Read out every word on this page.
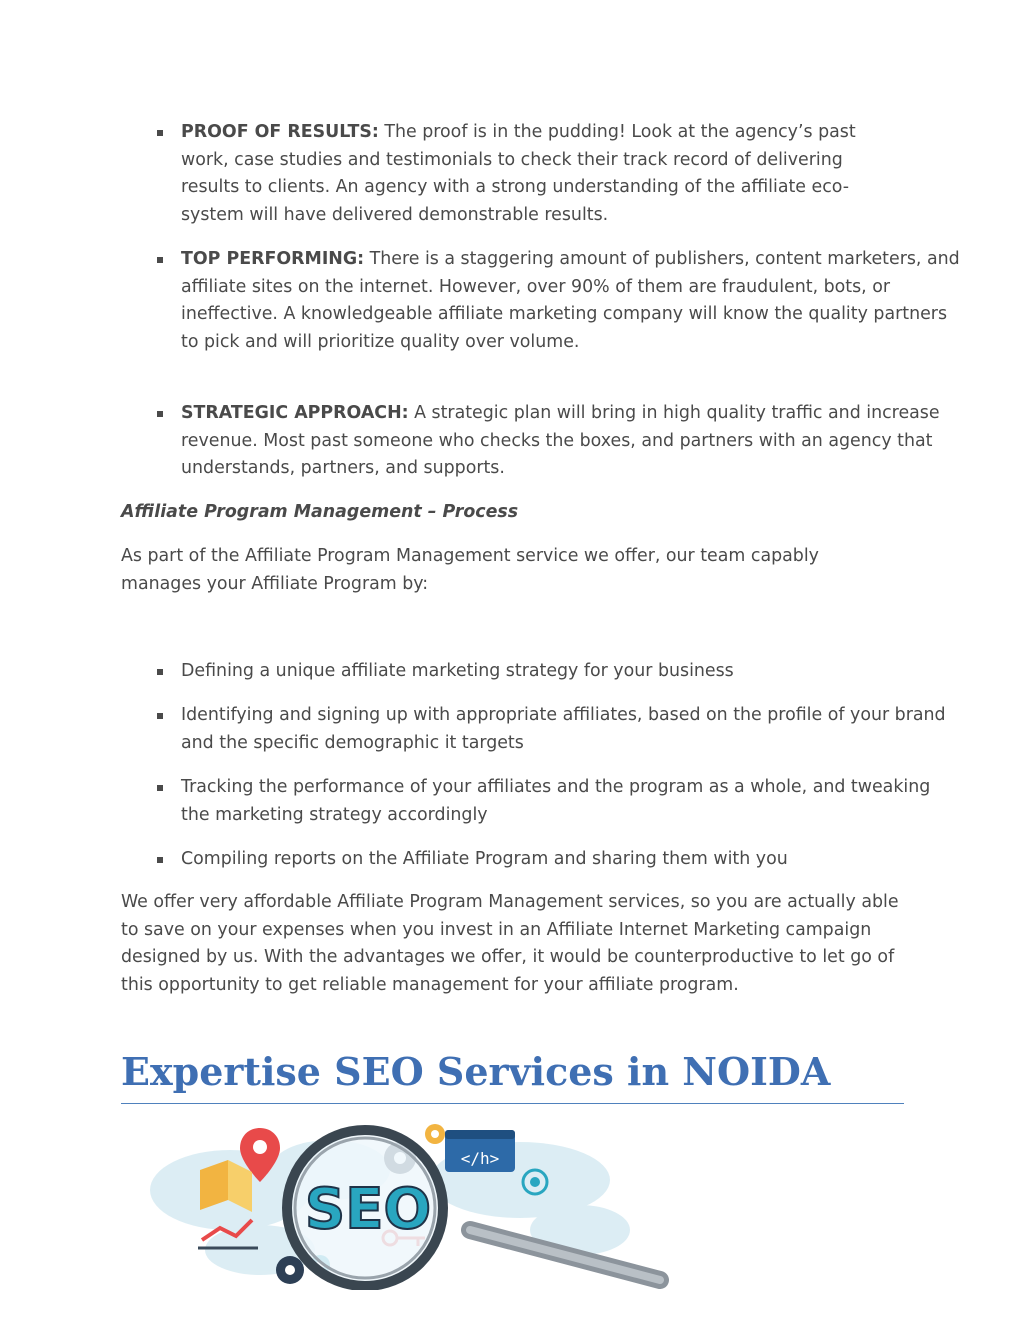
PROOF OF RESULTS: The proof is in the pudding! Look at the agency’s past work, case studies and testimonials to check their track record of delivering results to clients. An agency with a strong understanding of the affiliate eco-system will have delivered demonstrable results.
TOP PERFORMING: There is a staggering amount of publishers, content marketers, and affiliate sites on the internet. However, over 90% of them are fraudulent, bots, or ineffective. A knowledgeable affiliate marketing company will know the quality partners to pick and will prioritize quality over volume.
STRATEGIC APPROACH: A strategic plan will bring in high quality traffic and increase revenue. Most past someone who checks the boxes, and partners with an agency that understands, partners, and supports.

Affiliate Program Management – Process

As part of the Affiliate Program Management service we offer, our team capably manages your Affiliate Program by:

Defining a unique affiliate marketing strategy for your business
Identifying and signing up with appropriate affiliates, based on the profile of your brand and the specific demographic it targets
Tracking the performance of your affiliates and the program as a whole, and tweaking the marketing strategy accordingly
Compiling reports on the Affiliate Program and sharing them with you

We offer very affordable Affiliate Program Management services, so you are actually able to save on your expenses when you invest in an Affiliate Internet Marketing campaign designed by us. With the advantages we offer, it would be counterproductive to let go of this opportunity to get reliable management for your affiliate program.

Expertise SEO Services in NOIDA
</h>
SEO
